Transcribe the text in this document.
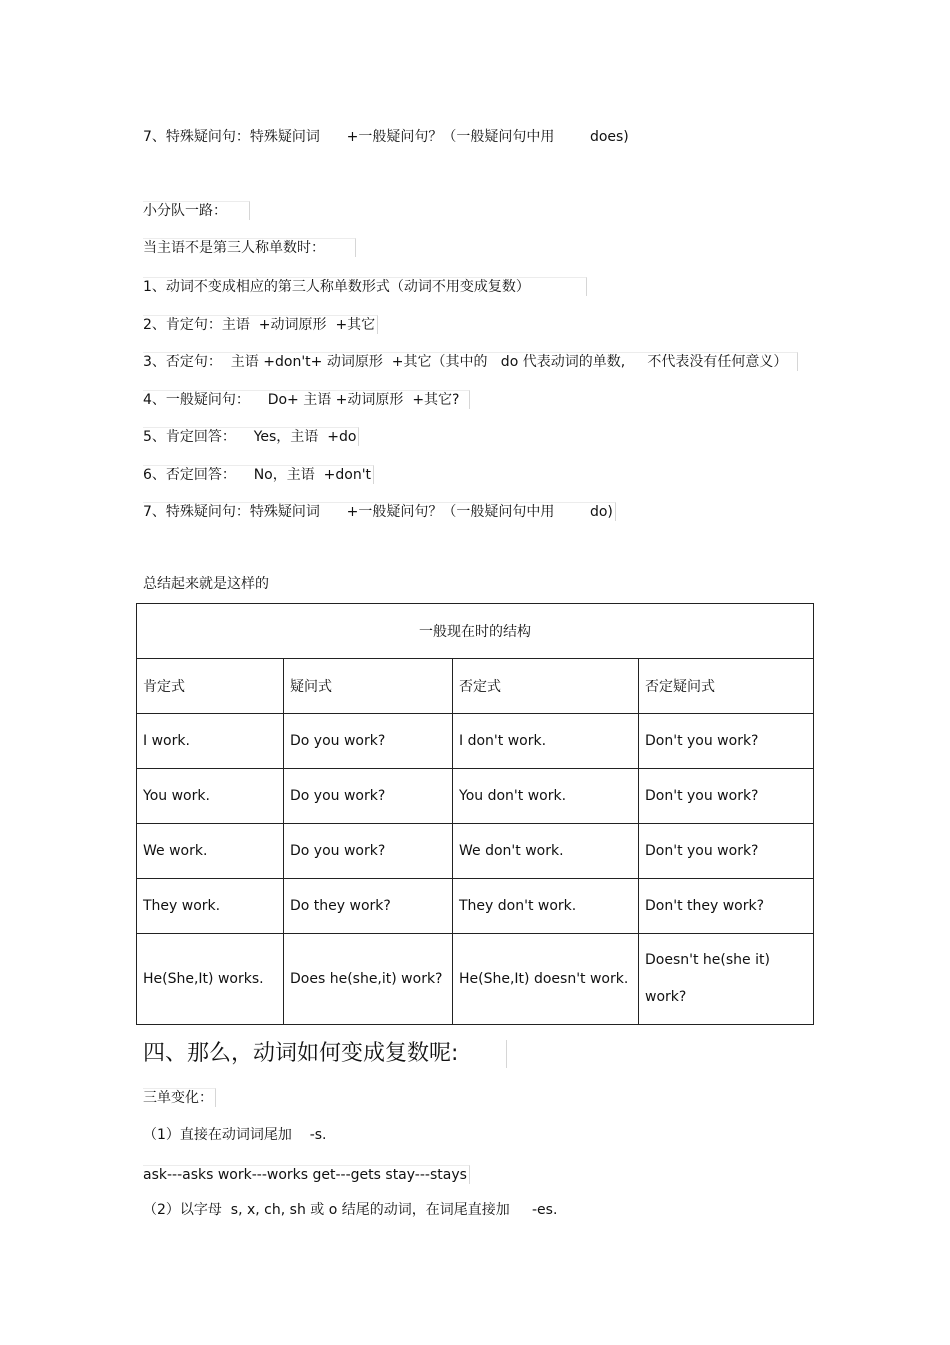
7、特殊疑问句：特殊疑问词      +一般疑问句？（一般疑问句中用        does)
小分队一路：
当主语不是第三人称单数时：
1、动词不变成相应的第三人称单数形式（动词不用变成复数）
2、肯定句：主语  +动词原形  +其它
3、否定句：  主语 +don't+ 动词原形  +其它（其中的   do 代表动词的单数,     不代表没有任何意义）
4、一般疑问句：    Do+ 主语 +动词原形  +其它?
5、肯定回答：    Yes，主语  +do
6、否定回答：    No，主语  +don't
7、特殊疑问句：特殊疑问词      +一般疑问句？（一般疑问句中用        do)
总结起来就是这样的
一般现在时的结构			
肯定式	疑问式	否定式	否定疑问式
I work.	Do you work?	I don't work.	Don't you work?
You work.	Do you work?	You don't work.	Don't you work?
We work.	Do you work?	We don't work.	Don't you work?
They work.	Do they work?	They don't work.	Don't they work?
He(She,It) works.	Does he(she,it) work?	He(She,It) doesn't work.	Doesn't he(she it)
work?
四、那么，动词如何变成复数呢:
三单变化：
（1）直接在动词词尾加    -s.
ask---asks work---works get---gets stay---stays
（2）以字母  s, x, ch, sh 或 o 结尾的动词，在词尾直接加     -es.
